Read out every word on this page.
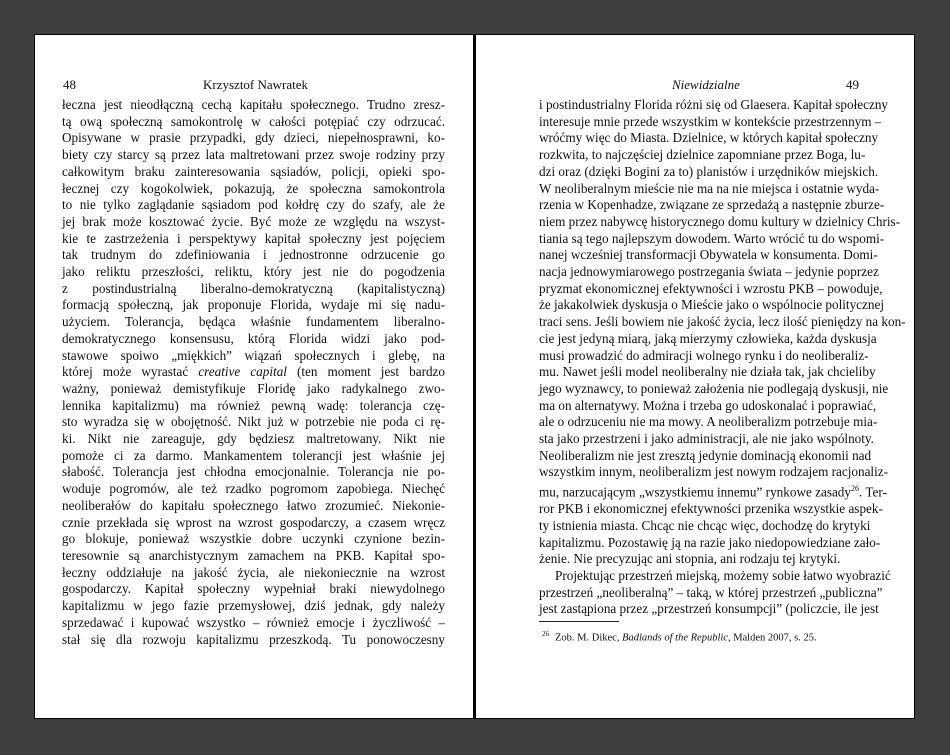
48	Krzysztof Nawratek
łeczna jest nieodłączną cechą kapitału społecznego. Trudno zresz-
tą ową społeczną samokontrolę w całości potępiać czy odrzucać.
Opisywane w prasie przypadki, gdy dzieci, niepełnosprawni, ko-
biety czy starcy są przez lata maltretowani przez swoje rodziny przy
całkowitym braku zainteresowania sąsiadów, policji, opieki spo-
łecznej czy kogokolwiek, pokazują, że społeczna samokontrola
to nie tylko zaglądanie sąsiadom pod kołdrę czy do szafy, ale że
jej brak może kosztować życie. Być może ze względu na wszyst-
kie te zastrzeżenia i perspektywy kapitał społeczny jest pojęciem
tak trudnym do zdefiniowania i jednostronne odrzucenie go
jako reliktu przeszłości, reliktu, który jest nie do pogodzenia
z postindustrialną liberalno-demokratyczną (kapitalistyczną)
formacją społeczną, jak proponuje Florida, wydaje mi się nadu-
użyciem. Tolerancja, będąca właśnie fundamentem liberalno-
demokratycznego konsensusu, którą Florida widzi jako pod-
stawowe spoiwo „miękkich” wiązań społecznych i glebę, na
której może wyrastać creative capital (ten moment jest bardzo
ważny, ponieważ demistyfikuje Floridę jako radykalnego zwo-
lennika kapitalizmu) ma również pewną wadę: tolerancja czę-
sto wyradza się w obojętność. Nikt już w potrzebie nie poda ci rę-
ki. Nikt nie zareaguje, gdy będziesz maltretowany. Nikt nie
pomoże ci za darmo. Mankamentem tolerancji jest właśnie jej
słabość. Tolerancja jest chłodna emocjonalnie. Tolerancja nie po-
woduje pogromów, ale też rzadko pogromom zapobiega. Niechęć
neoliberałów do kapitału społecznego łatwo zrozumieć. Niekonie-
cznie przekłada się wprost na wzrost gospodarczy, a czasem wręcz
go blokuje, ponieważ wszystkie dobre uczynki czynione bezin-
teresownie są anarchistycznym zamachem na PKB. Kapitał spo-
łeczny oddziałuje na jakość życia, ale niekoniecznie na wzrost
gospodarczy. Kapitał społeczny wypełniał braki niewydolnego
kapitalizmu w jego fazie przemysłowej, dziś jednak, gdy należy
sprzedawać i kupować wszystko – również emocje i życzliwość –
stał się dla rozwoju kapitalizmu przeszkodą. Tu ponowoczesny
Niewidzialne	49
i postindustrialny Florida różni się od Glaesera. Kapitał społeczny
interesuje mnie przede wszystkim w kontekście przestrzennym –
wróćmy więc do Miasta. Dzielnice, w których kapitał społeczny
rozkwita, to najczęściej dzielnice zapomniane przez Boga, lu-
dzi oraz (dzięki Bogini za to) planistów i urzędników miejskich.
W neoliberalnym mieście nie ma na nie miejsca i ostatnie wyda-
rzenia w Kopenhadze, związane ze sprzedażą a następnie zburze-
niem przez nabywcę historycznego domu kultury w dzielnicy Chris-
tiania są tego najlepszym dowodem. Warto wrócić tu do wspomi-
nanej wcześniej transformacji Obywatela w konsumenta. Domi-
nacja jednowymiarowego postrzegania świata – jedynie poprzez
pryzmat ekonomicznej efektywności i wzrostu PKB – powoduje,
że jakakolwiek dyskusja o Mieście jako o wspólnocie politycznej
traci sens. Jeśli bowiem nie jakość życia, lecz ilość pieniędzy na kon-
cie jest jedyną miarą, jaką mierzymy człowieka, każda dyskusja
musi prowadzić do admiracji wolnego rynku i do neoliberaliz-
mu. Nawet jeśli model neoliberalny nie działa tak, jak chcieliby
jego wyznawcy, to ponieważ założenia nie podlegają dyskusji, nie
ma on alternatywy. Można i trzeba go udoskonalać i poprawiać,
ale o odrzuceniu nie ma mowy. A neoliberalizm potrzebuje mia-
sta jako przestrzeni i jako administracji, ale nie jako wspólnoty.
Neoliberalizm nie jest zresztą jedynie dominacją ekonomii nad
wszystkim innym, neoliberalizm jest nowym rodzajem racjonaliz-
mu, narzucającym „wszystkiemu innemu” rynkowe zasady$^{26}$. Ter-
ror PKB i ekonomicznej efektywności przenika wszystkie aspek-
ty istnienia miasta. Chcąc nie chcąc więc, dochodzę do krytyki
kapitalizmu. Pozostawię ją na razie jako niedopowiedziane zało-
żenie. Nie precyzując ani stopnia, ani rodzaju tej krytyki.
Projektując przestrzeń miejską, możemy sobie łatwo wyobrazić
przestrzeń „neoliberalną” – taką, w której przestrzeń „publiczna”
jest zastąpiona przez „przestrzeń konsumpcji” (policzcie, ile jest
$^{26}$ Zob. M. Dikec, Badlands of the Republic, Malden 2007, s. 25.
